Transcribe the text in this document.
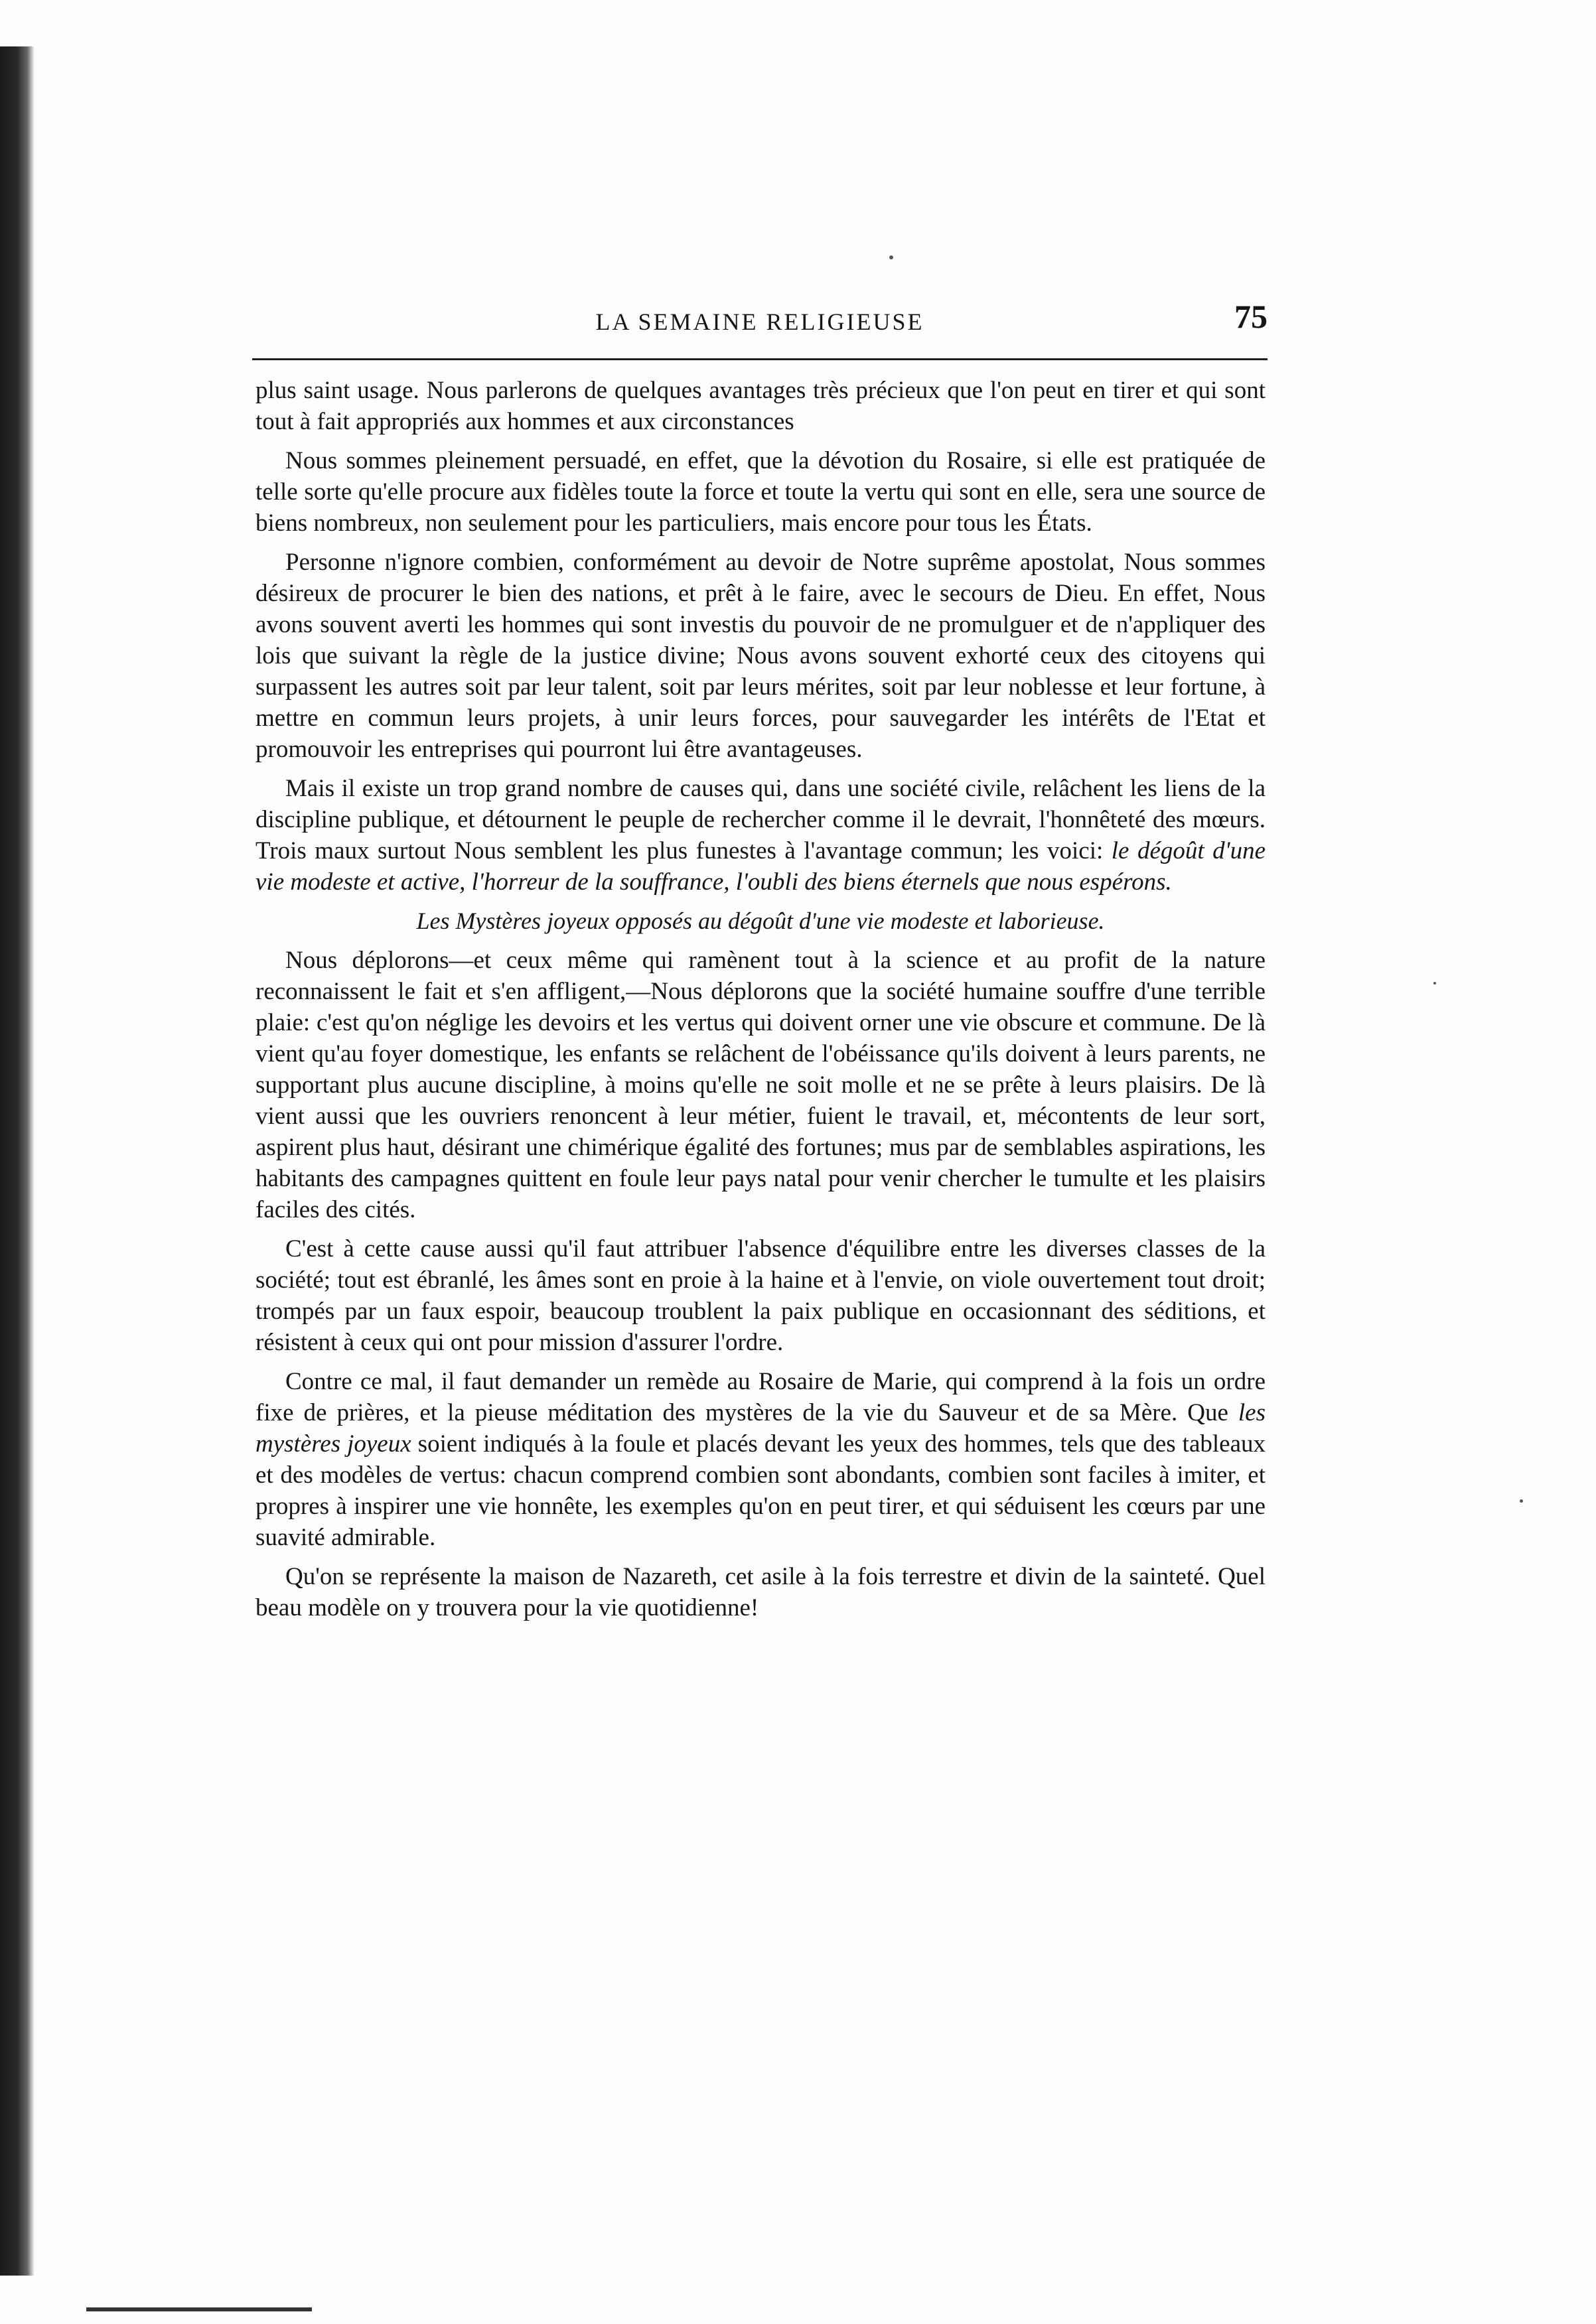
LA SEMAINE RELIGIEUSE	75

plus saint usage. Nous parlerons de quelques avantages très précieux que l'on peut en tirer et qui sont tout à fait appropriés aux hommes et aux circonstances

Nous sommes pleinement persuadé, en effet, que la dévotion du Rosaire, si elle est pratiquée de telle sorte qu'elle procure aux fidèles toute la force et toute la vertu qui sont en elle, sera une source de biens nombreux, non seulement pour les particuliers, mais encore pour tous les États.

Personne n'ignore combien, conformément au devoir de Notre suprême apostolat, Nous sommes désireux de procurer le bien des nations, et prêt à le faire, avec le secours de Dieu. En effet, Nous avons souvent averti les hommes qui sont investis du pouvoir de ne promulguer et de n'appliquer des lois que suivant la règle de la justice divine; Nous avons souvent exhorté ceux des citoyens qui surpassent les autres soit par leur talent, soit par leurs mérites, soit par leur noblesse et leur fortune, à mettre en commun leurs projets, à unir leurs forces, pour sauvegarder les intérêts de l'Etat et promouvoir les entreprises qui pourront lui être avantageuses.

Mais il existe un trop grand nombre de causes qui, dans une société civile, relâchent les liens de la discipline publique, et détournent le peuple de rechercher comme il le devrait, l'honnêteté des mœurs. Trois maux surtout Nous semblent les plus funestes à l'avantage commun; les voici: le dégoût d'une vie modeste et active, l'horreur de la souffrance, l'oubli des biens éternels que nous espérons.

Les Mystères joyeux opposés au dégoût d'une vie modeste et laborieuse.

Nous déplorons—et ceux même qui ramènent tout à la science et au profit de la nature reconnaissent le fait et s'en affligent,—Nous déplorons que la société humaine souffre d'une terrible plaie: c'est qu'on néglige les devoirs et les vertus qui doivent orner une vie obscure et commune. De là vient qu'au foyer domestique, les enfants se relâchent de l'obéissance qu'ils doivent à leurs parents, ne supportant plus aucune discipline, à moins qu'elle ne soit molle et ne se prête à leurs plaisirs. De là vient aussi que les ouvriers renoncent à leur métier, fuient le travail, et, mécontents de leur sort, aspirent plus haut, désirant une chimérique égalité des fortunes; mus par de semblables aspirations, les habitants des campagnes quittent en foule leur pays natal pour venir chercher le tumulte et les plaisirs faciles des cités.

C'est à cette cause aussi qu'il faut attribuer l'absence d'équilibre entre les diverses classes de la société; tout est ébranlé, les âmes sont en proie à la haine et à l'envie, on viole ouvertement tout droit; trompés par un faux espoir, beaucoup troublent la paix publique en occasionnant des séditions, et résistent à ceux qui ont pour mission d'assurer l'ordre.

Contre ce mal, il faut demander un remède au Rosaire de Marie, qui comprend à la fois un ordre fixe de prières, et la pieuse méditation des mystères de la vie du Sauveur et de sa Mère. Que les mystères joyeux soient indiqués à la foule et placés devant les yeux des hommes, tels que des tableaux et des modèles de vertus: chacun comprend combien sont abondants, combien sont faciles à imiter, et propres à inspirer une vie honnête, les exemples qu'on en peut tirer, et qui séduisent les cœurs par une suavité admirable.

Qu'on se représente la maison de Nazareth, cet asile à la fois terrestre et divin de la sainteté. Quel beau modèle on y trouvera pour la vie quotidienne!
